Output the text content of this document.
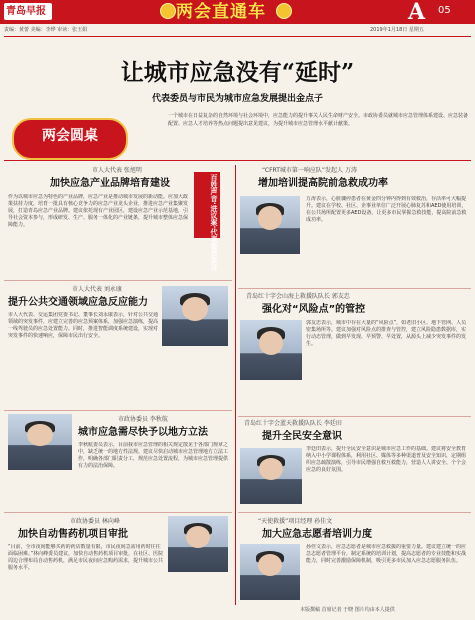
青岛早报	两会直通车	A 05
责编：黄蕾 美编：李烨 审读：张玉娟	2019年1月18日 星期五
让城市应急没有“延时”
代表委员与市民为城市应急发展提出金点子
两会圆桌
一个城市在日益复杂的自然环境与社会环境中，应急能力的提升事关人民生命财产安全。市政协委员就城市应急管理体系建设、应急装备配置、应急人才培养等热点问题提出意见建议，为提升城市应急管理水平献计献策。
市人大代表 张旭明
加快应急产业品牌培育建设
作为以城市应急为特色的产业品牌，应急产业是推动城市发展的新动能。应加大政策扶持力度，培育一批具有核心竞争力的应急产业龙头企业，推进应急产业集聚发展，打造青岛应急产业品牌。建议依托现有产业园区，建设应急产业示范基地，引导社会资本参与，形成研发、生产、服务一体化的产业链条，提升城市整体应急保障能力。	百姓声音·进议案·代表委员发言
市人大代表 刘永康
提升公共交通领域应急反应能力
市人大代表、交运集团党委书记、董事长刘永康表示，针对公共交通领域的突发事件，应建立完善的应急预案体系，加强应急演练，提高一线驾驶员的应急处置能力。同时，推进智能调度系统建设，实现对突发事件的快速响应，保障市民出行安全。
市政协委员 李秋航
城市应急需尽快予以地方立法
李秋航委员表示，目前我市应急管理的相关规定散见于各部门规章之中，缺乏统一的地方性法规。建议尽快启动城市应急管理地方立法工作，明确各部门职责分工，规范应急处置流程，为城市应急管理提供有力的法治保障。
市政协委员 林向峰
加快自动售药机项目审批
“目前，全市夜间能够买药的药店数量有限，市民夜间急需用药时往往面临困难。”林向峰委员建议，加快自动售药机项目审批，在社区、医院周边合理布局自动售药机，满足市民夜间应急购药需求，提升城市公共服务水平。
“CFRT城市第一响应队”发起人 万涛
增加培训提高院前急救成功率
万涛表示，心脏骤停患者在黄金四分钟内得到有效救治，存活率可大幅提升。建议在学校、社区、企事业单位广泛开展心肺复苏和AED使用培训，在公共场所配置更多AED设备，让更多市民掌握急救技能，提高院前急救成功率。
青岛红十字会山海上救援队队长 郭友忠
强化对“风险点”的管控
郭友忠表示，城市中存在大量的“风险点”，如老旧小区、地下管网、人员密集场所等。建议加强对风险点的排查与管控，建立风险隐患数据库，实行动态管理，做到早发现、早预警、早处置，从源头上减少突发事件的发生。
青岛红十字会蓝天救援队队长 李廷田
提升全民安全意识
李廷田表示，提升全民安全意识是城市应急工作的基础。建议将安全教育纳入中小学课程体系，利用社区、媒体等多种渠道普及安全知识，定期组织应急疏散演练，引导市民增强自救互救能力，营造人人讲安全、个个会应急的良好氛围。
“天使救援”项目经理 孙佳文
加大应急志愿者培训力度
孙佳文表示，应急志愿者是城市应急救援的重要力量。建议建立统一的应急志愿者管理平台，制定系统的培训计划，提高志愿者的专业技能和实战能力，同时完善激励保障机制，吸引更多市民加入应急志愿服务队伍。
本版撰稿 首席记者 于晓 图片均由本人提供
